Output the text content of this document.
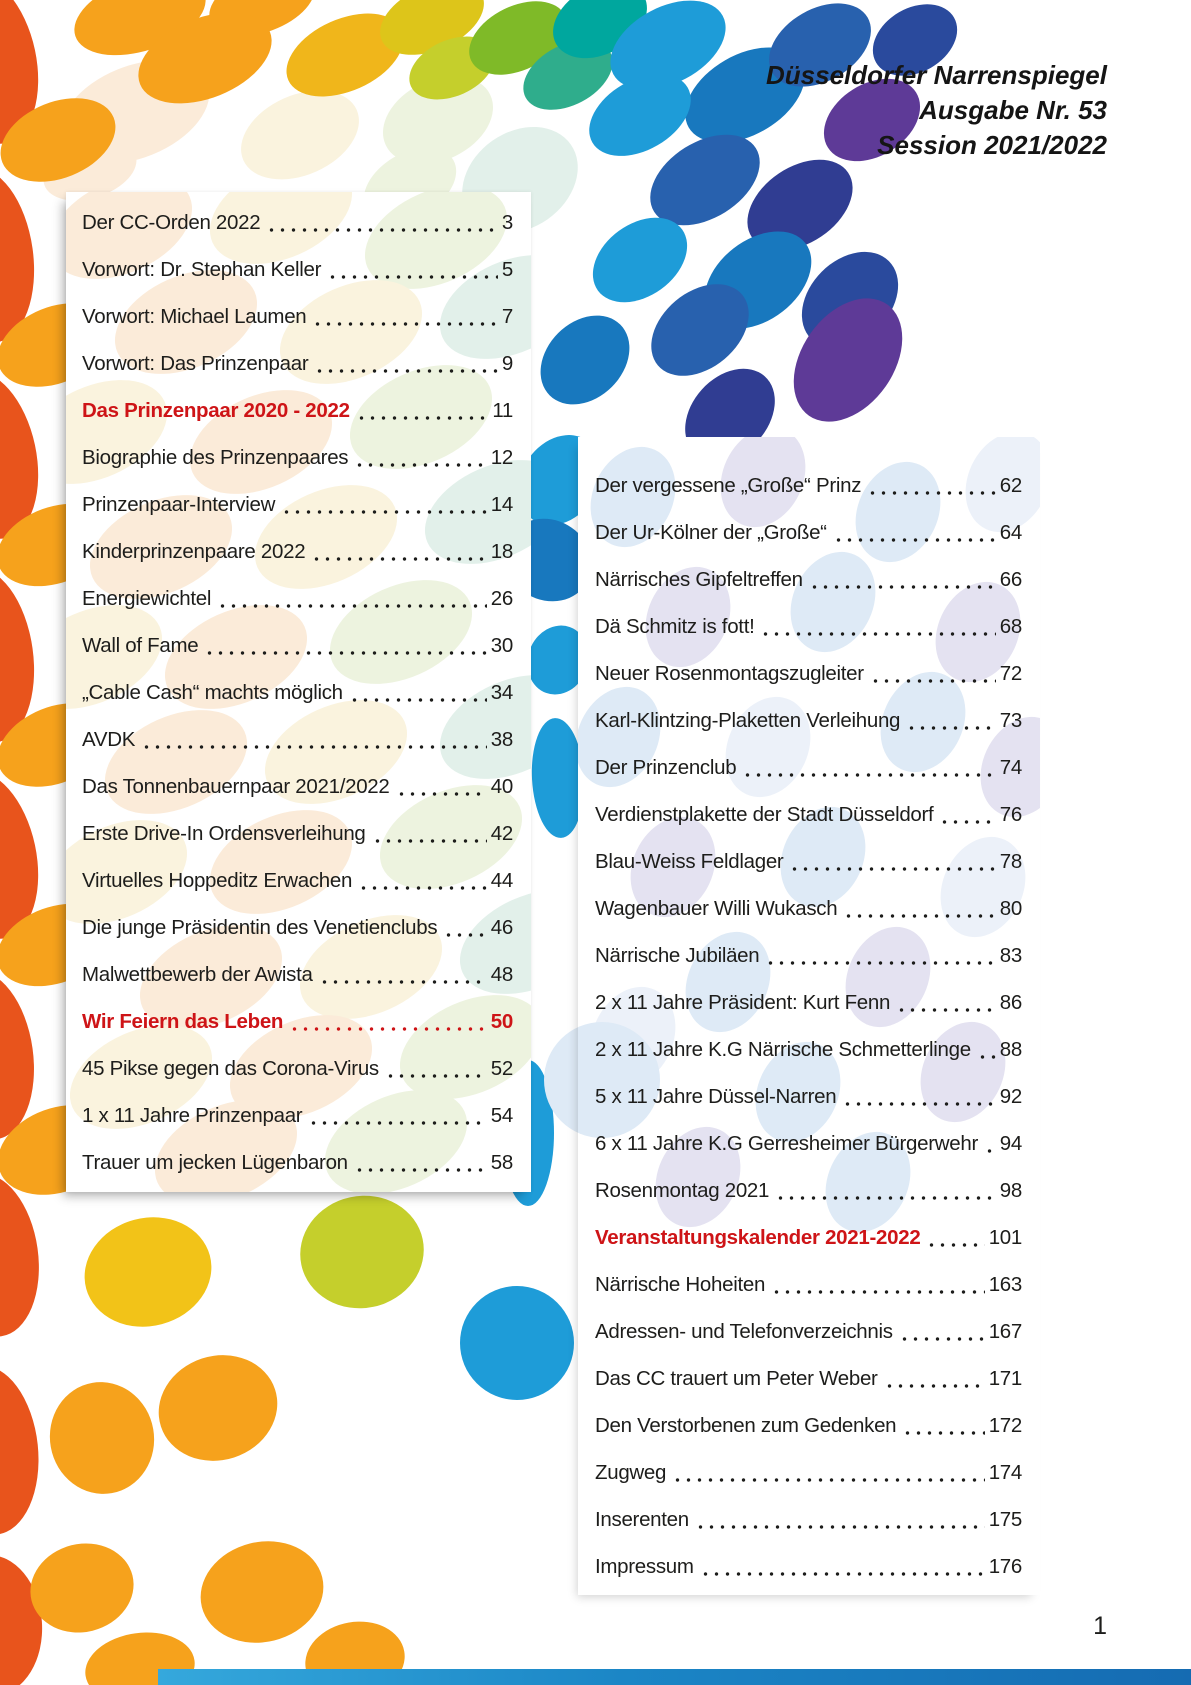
Düsseldorfer Narrenspiegel
Ausgabe Nr. 53
Session 2021/2022
Der CC-Orden 2022	3
Vorwort: Dr. Stephan Keller	5
Vorwort: Michael Laumen	7
Vorwort: Das Prinzenpaar	9
Das Prinzenpaar 2020 - 2022	11
Biographie des Prinzenpaares	12
Prinzenpaar-Interview	14
Kinderprinzenpaare 2022	18
Energiewichtel	26
Wall of Fame	30
„Cable Cash“ machts möglich	34
AVDK	38
Das Tonnenbauernpaar 2021/2022	40
Erste Drive-In Ordensverleihung	42
Virtuelles Hoppeditz Erwachen	44
Die junge Präsidentin des Venetienclubs	46
Malwettbewerb der Awista	48
Wir Feiern das Leben	50
45 Pikse gegen das Corona-Virus	52
1 x 11 Jahre Prinzenpaar	54
Trauer um jecken Lügenbaron	58
Der vergessene „Große“ Prinz	62
Der Ur-Kölner der „Große“	64
Närrisches Gipfeltreffen	66
Dä Schmitz is fott!	68
Neuer Rosenmontagszugleiter	72
Karl-Klintzing-Plaketten Verleihung	73
Der Prinzenclub	74
Verdienstplakette der Stadt Düsseldorf	76
Blau-Weiss Feldlager	78
Wagenbauer Willi Wukasch	80
Närrische Jubiläen	83
2 x 11 Jahre Präsident: Kurt Fenn	86
2 x 11 Jahre K.G Närrische Schmetterlinge 88
5 x 11 Jahre Düssel-Narren	92
6 x 11 Jahre K.G Gerresheimer Bürgerwehr 94
Rosenmontag 2021	98
Veranstaltungskalender 2021-2022	101
Närrische Hoheiten	163
Adressen- und Telefonverzeichnis	167
Das CC trauert um Peter Weber	171
Den Verstorbenen zum Gedenken	172
Zugweg	174
Inserenten	175
Impressum	176
1
